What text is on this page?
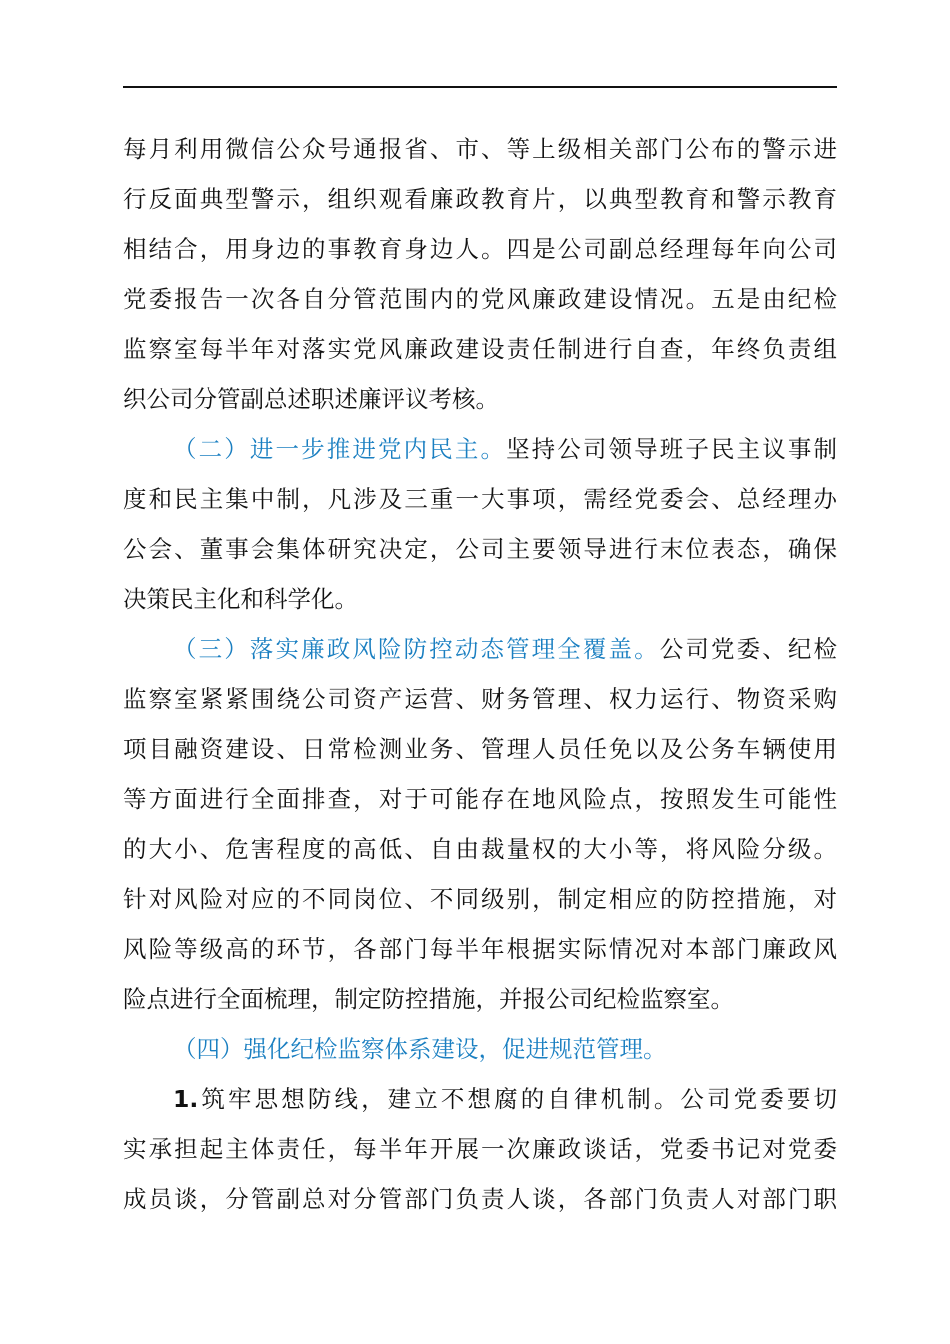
每月利用微信公众号通报省、市、等上级相关部门公布的警示进
行反面典型警示，组织观看廉政教育片，以典型教育和警示教育
相结合，用身边的事教育身边人。四是公司副总经理每年向公司
党委报告一次各自分管范围内的党风廉政建设情况。五是由纪检
监察室每半年对落实党风廉政建设责任制进行自查，年终负责组
织公司分管副总述职述廉评议考核。
（二）进一步推进党内民主。坚持公司领导班子民主议事制
度和民主集中制，凡涉及三重一大事项，需经党委会、总经理办
公会、董事会集体研究决定，公司主要领导进行末位表态，确保
决策民主化和科学化。
（三）落实廉政风险防控动态管理全覆盖。公司党委、纪检
监察室紧紧围绕公司资产运营、财务管理、权力运行、物资采购
项目融资建设、日常检测业务、管理人员任免以及公务车辆使用
等方面进行全面排查，对于可能存在地风险点，按照发生可能性
的大小、危害程度的高低、自由裁量权的大小等，将风险分级。
针对风险对应的不同岗位、不同级别，制定相应的防控措施，对
风险等级高的环节，各部门每半年根据实际情况对本部门廉政风
险点进行全面梳理，制定防控措施，并报公司纪检监察室。
（四）强化纪检监察体系建设，促进规范管理。
1.筑牢思想防线，建立不想腐的自律机制。公司党委要切
实承担起主体责任，每半年开展一次廉政谈话，党委书记对党委
成员谈，分管副总对分管部门负责人谈，各部门负责人对部门职
